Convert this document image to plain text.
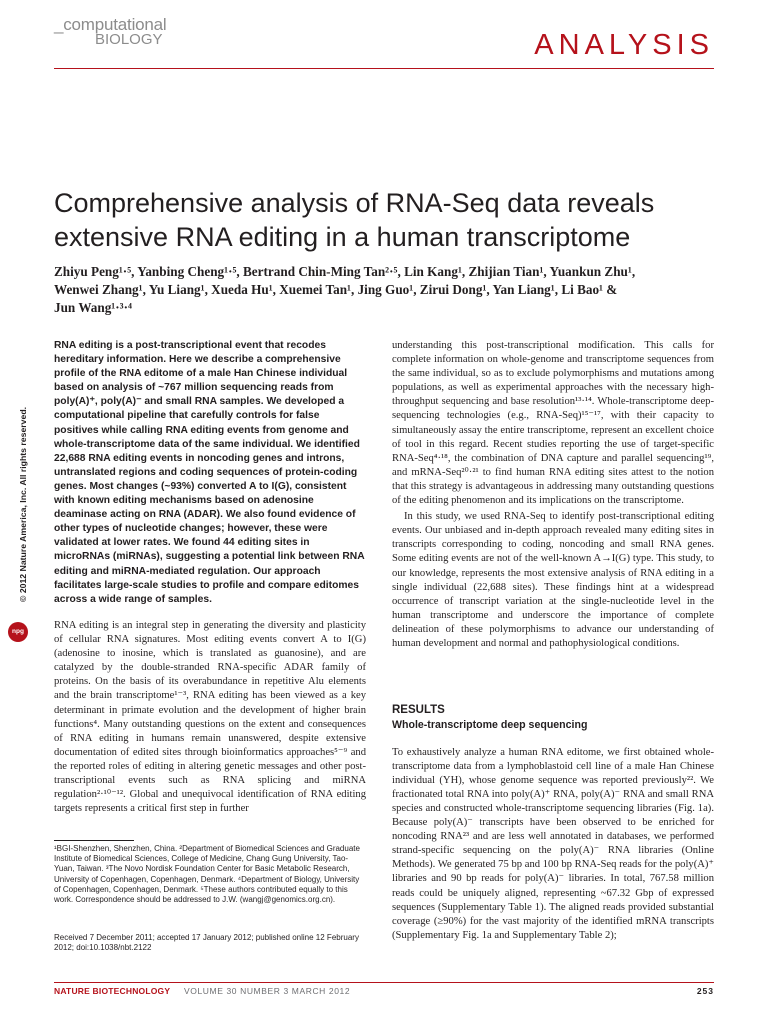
_computational
BIOLOGY	ANALYSIS
Comprehensive analysis of RNA-Seq data reveals extensive RNA editing in a human transcriptome
Zhiyu Peng¹·⁵, Yanbing Cheng¹·⁵, Bertrand Chin-Ming Tan²·⁵, Lin Kang¹, Zhijian Tian¹, Yuankun Zhu¹,
Wenwei Zhang¹, Yu Liang¹, Xueda Hu¹, Xuemei Tan¹, Jing Guo¹, Zirui Dong¹, Yan Liang¹, Li Bao¹ &
Jun Wang¹·³·⁴
© 2012 Nature America, Inc. All rights reserved.
npg
RNA editing is a post-transcriptional event that recodes hereditary information. Here we describe a comprehensive profile of the RNA editome of a male Han Chinese individual based on analysis of ~767 million sequencing reads from poly(A)⁺, poly(A)⁻ and small RNA samples. We developed a computational pipeline that carefully controls for false positives while calling RNA editing events from genome and whole-transcriptome data of the same individual. We identified 22,688 RNA editing events in noncoding genes and introns, untranslated regions and coding sequences of protein-coding genes. Most changes (~93%) converted A to I(G), consistent with known editing mechanisms based on adenosine deaminase acting on RNA (ADAR). We also found evidence of other types of nucleotide changes; however, these were validated at lower rates. We found 44 editing sites in microRNAs (miRNAs), suggesting a potential link between RNA editing and miRNA-mediated regulation. Our approach facilitates large-scale studies to profile and compare editomes across a wide range of samples.

RNA editing is an integral step in generating the diversity and plasticity of cellular RNA signatures. Most editing events convert A to I(G) (adenosine to inosine, which is translated as guanosine), and are catalyzed by the double-stranded RNA-specific ADAR family of proteins. On the basis of its overabundance in repetitive Alu elements and the brain transcriptome¹⁻³, RNA editing has been viewed as a key determinant in primate evolution and the development of higher brain functions⁴. Many outstanding questions on the extent and consequences of RNA editing in humans remain unanswered, despite extensive documentation of edited sites through bioinformatics approaches⁵⁻⁹ and the reported roles of editing in altering genetic messages and other post-transcriptional events such as RNA splicing and miRNA regulation²·¹⁰⁻¹². Global and unequivocal identification of RNA editing targets represents a critical first step in further

¹BGI-Shenzhen, Shenzhen, China. ²Department of Biomedical Sciences and Graduate Institute of Biomedical Sciences, College of Medicine, Chang Gung University, Tao-Yuan, Taiwan. ³The Novo Nordisk Foundation Center for Basic Metabolic Research, University of Copenhagen, Copenhagen, Denmark. ⁴Department of Biology, University of Copenhagen, Copenhagen, Denmark. ⁵These authors contributed equally to this work. Correspondence should be addressed to J.W. (wangj@genomics.org.cn).
Received 7 December 2011; accepted 17 January 2012; published online 12 February 2012; doi:10.1038/nbt.2122

understanding this post-transcriptional modification. This calls for complete information on whole-genome and transcriptome sequences from the same individual, so as to exclude polymorphisms and mutations among populations, as well as experimental approaches with the necessary high-throughput sequencing and base resolution¹³·¹⁴. Whole-transcriptome deep-sequencing technologies (e.g., RNA-Seq)¹⁵⁻¹⁷, with their capacity to simultaneously assay the entire transcriptome, represent an excellent choice of tool in this regard. Recent studies reporting the use of target-specific RNA-Seq⁴·¹⁸, the combination of DNA capture and parallel sequencing¹⁹, and mRNA-Seq²⁰·²¹ to find human RNA editing sites attest to the notion that this strategy is advantageous in addressing many outstanding questions of the editing phenomenon and its implications on the transcriptome.

In this study, we used RNA-Seq to identify post-transcriptional editing events. Our unbiased and in-depth approach revealed many editing sites in transcripts corresponding to coding, noncoding and small RNA genes. Some editing events are not of the well-known A→I(G) type. This study, to our knowledge, represents the most extensive analysis of RNA editing in a single individual (22,688 sites). These findings hint at a widespread occurrence of transcript variation at the single-nucleotide level in the human transcriptome and underscore the importance of complete delineation of these polymorphisms to advance our understanding of human development and normal and pathophysiological conditions.

RESULTS
Whole-transcriptome deep sequencing

To exhaustively analyze a human RNA editome, we first obtained whole-transcriptome data from a lymphoblastoid cell line of a male Han Chinese individual (YH), whose genome sequence was reported previously²². We fractionated total RNA into poly(A)⁺ RNA, poly(A)⁻ RNA and small RNA species and constructed whole-transcriptome sequencing libraries (Fig. 1a). Because poly(A)⁻ transcripts have been observed to be enriched for noncoding RNA²³ and are less well annotated in databases, we performed strand-specific sequencing on the poly(A)⁻ RNA libraries (Online Methods). We generated 75 bp and 100 bp RNA-Seq reads for the poly(A)⁺ libraries and 90 bp reads for poly(A)⁻ libraries. In total, 767.58 million reads could be uniquely aligned, representing ~67.32 Gbp of expressed sequences (Supplementary Table 1). The aligned reads provided substantial coverage (≥90%) for the vast majority of the identified mRNA transcripts (Supplementary Fig. 1a and Supplementary Table 2);

NATURE BIOTECHNOLOGY VOLUME 30 NUMBER 3 MARCH 2012	253
